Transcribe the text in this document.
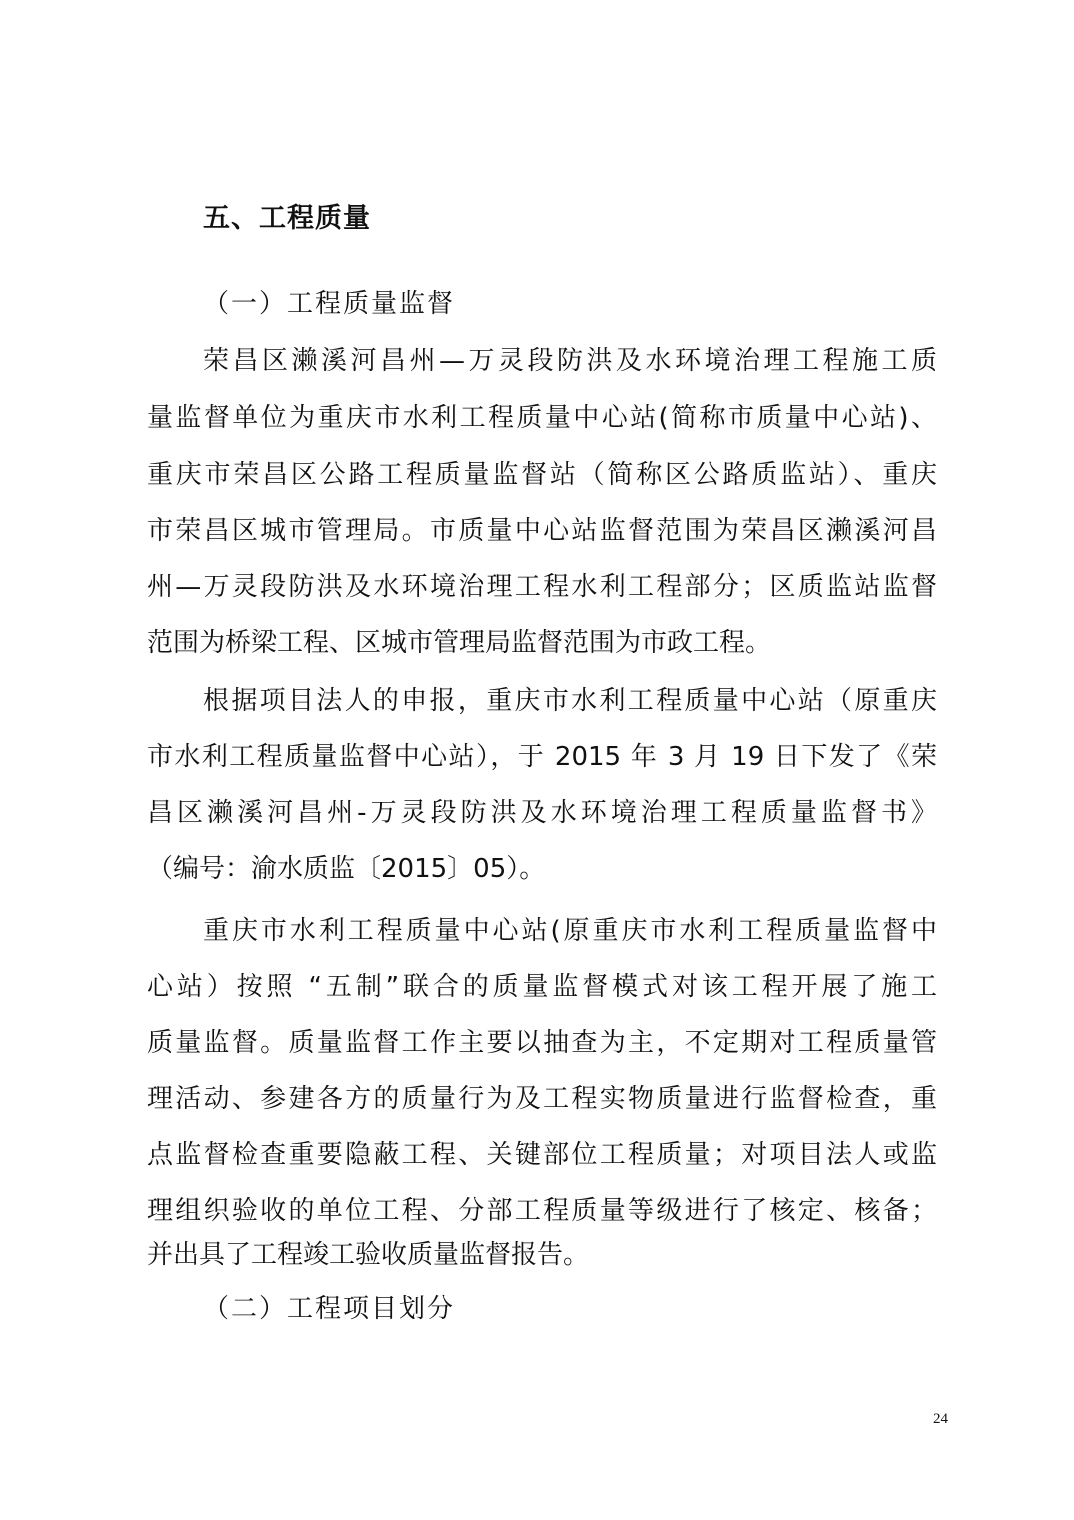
五、工程质量
（一）工程质量监督
荣昌区濑溪河昌州—万灵段防洪及水环境治理工程施工质
量监督单位为重庆市水利工程质量中心站(简称市质量中心站)、
重庆市荣昌区公路工程质量监督站（简称区公路质监站）、重庆
市荣昌区城市管理局。市质量中心站监督范围为荣昌区濑溪河昌
州—万灵段防洪及水环境治理工程水利工程部分；区质监站监督
范围为桥梁工程、区城市管理局监督范围为市政工程。
根据项目法人的申报，重庆市水利工程质量中心站（原重庆
市水利工程质量监督中心站），于 2015 年 3 月 19 日下发了《荣
昌区濑溪河昌州-万灵段防洪及水环境治理工程质量监督书》
（编号：渝水质监〔2015〕05）。
重庆市水利工程质量中心站(原重庆市水利工程质量监督中
心站）按照 “五制”联合的质量监督模式对该工程开展了施工
质量监督。质量监督工作主要以抽查为主，不定期对工程质量管
理活动、参建各方的质量行为及工程实物质量进行监督检查，重
点监督检查重要隐蔽工程、关键部位工程质量；对项目法人或监
理组织验收的单位工程、分部工程质量等级进行了核定、核备；
并出具了工程竣工验收质量监督报告。
（二）工程项目划分
24
